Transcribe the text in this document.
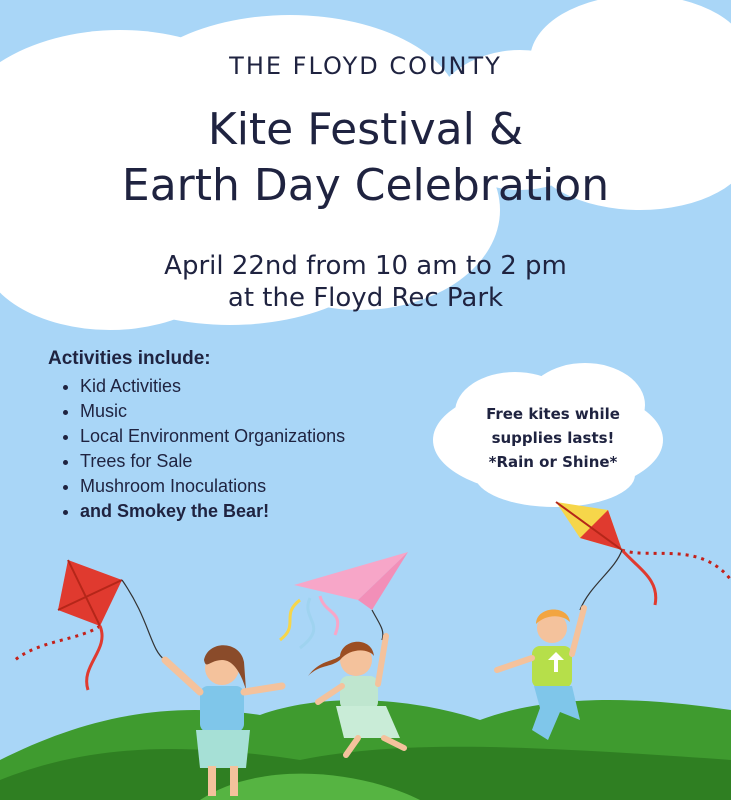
THE FLOYD COUNTY
Kite Festival &
Earth Day Celebration
April 22nd from 10 am to 2 pm
at the Floyd Rec Park
Activities include:
• Kid Activities
• Music
• Local Environment Organizations
• Trees for Sale
• Mushroom Inoculations
• and Smokey the Bear!
Free kites while
supplies lasts!
*Rain or Shine*
